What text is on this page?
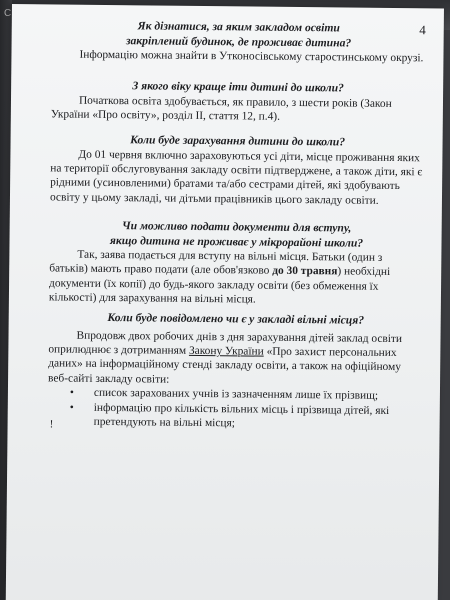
C
4
Як дізнатися, за яким закладом освіти
закріплений будинок, де проживає дитина?
Інформацію можна знайти в Утконосівському старостинському окрузі.
З якого віку краще іти дитині до школи?
Початкова освіта здобувається, як правило, з шести років (Закон України «Про освіту», розділ ІІ, стаття 12, п.4).
Коли буде зарахування дитини до школи?
До 01 червня включно зараховуються усі діти, місце проживання яких на території обслуговування закладу освіти підтверджене, а також діти, які є рідними (усиновленими) братами та/або сестрами дітей, які здобувають освіту у цьому закладі, чи дітьми працівників цього закладу освіти.
Чи можливо подати документи для вступу,
якщо дитина не проживає у мікрорайоні школи?
Так, заява подається для вступу на вільні місця. Батьки (один з батьків) мають право подати (але обов'язково до 30 травня) необхідні документи (їх копії) до будь-якого закладу освіти (без обмеження їх кількості) для зарахування на вільні місця.
Коли буде повідомлено чи є у закладі вільні місця?
Впродовж двох робочих днів з дня зарахування дітей заклад освіти оприлюднює з дотриманням Закону України «Про захист персональних даних» на інформаційному стенді закладу освіти, а також на офіційному веб-сайті закладу освіти:
•	список зарахованих учнів із зазначенням лише їх прізвищ;
•	інформацію про кількість вільних місць і прізвища дітей, які претендують на вільні місця;
!
